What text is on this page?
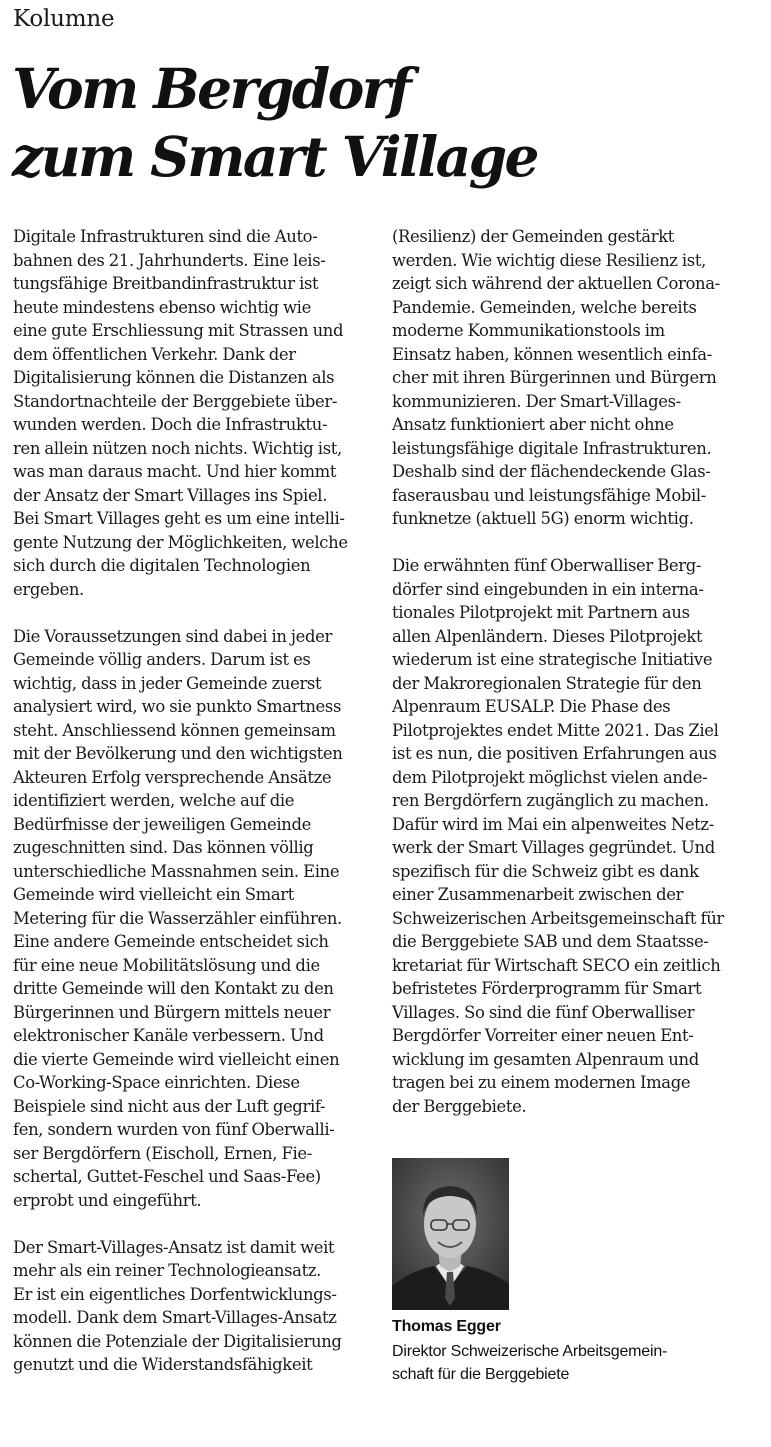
Kolumne
Vom Bergdorf
zum Smart Village
Digitale Infrastrukturen sind die Auto-
bahnen des 21. Jahrhunderts. Eine leis-
tungsfähige Breitbandinfrastruktur ist
heute mindestens ebenso wichtig wie
eine gute Erschliessung mit Strassen und
dem öffentlichen Verkehr. Dank der
Digitalisierung können die Distanzen als
Standortnachteile der Berggebiete über-
wunden werden. Doch die Infrastruktu-
ren allein nützen noch nichts. Wichtig ist,
was man daraus macht. Und hier kommt
der Ansatz der Smart Villages ins Spiel.
Bei Smart Villages geht es um eine intelli-
gente Nutzung der Möglichkeiten, welche
sich durch die digitalen Technologien
ergeben.
Die Voraussetzungen sind dabei in jeder
Gemeinde völlig anders. Darum ist es
wichtig, dass in jeder Gemeinde zuerst
analysiert wird, wo sie punkto Smartness
steht. Anschliessend können gemeinsam
mit der Bevölkerung und den wichtigsten
Akteuren Erfolg versprechende Ansätze
identifiziert werden, welche auf die
Bedürfnisse der jeweiligen Gemeinde
zugeschnitten sind. Das können völlig
unterschiedliche Massnahmen sein. Eine
Gemeinde wird vielleicht ein Smart
Metering für die Wasserzähler einführen.
Eine andere Gemeinde entscheidet sich
für eine neue Mobilitätslösung und die
dritte Gemeinde will den Kontakt zu den
Bürgerinnen und Bürgern mittels neuer
elektronischer Kanäle verbessern. Und
die vierte Gemeinde wird vielleicht einen
Co-Working-Space einrichten. Diese
Beispiele sind nicht aus der Luft gegrif-
fen, sondern wurden von fünf Oberwalli-
ser Bergdörfern (Eischoll, Ernen, Fie-
schertal, Guttet-Feschel und Saas-Fee)
erprobt und eingeführt.
Der Smart-Villages-Ansatz ist damit weit
mehr als ein reiner Technologieansatz.
Er ist ein eigentliches Dorfentwicklungs-
modell. Dank dem Smart-Villages-Ansatz
können die Potenziale der Digitalisierung
genutzt und die Widerstandsfähigkeit
(Resilienz) der Gemeinden gestärkt
werden. Wie wichtig diese Resilienz ist,
zeigt sich während der aktuellen Corona-
Pandemie. Gemeinden, welche bereits
moderne Kommunikationstools im
Einsatz haben, können wesentlich einfa-
cher mit ihren Bürgerinnen und Bürgern
kommunizieren. Der Smart-Villages-
Ansatz funktioniert aber nicht ohne
leistungsfähige digitale Infrastrukturen.
Deshalb sind der flächendeckende Glas-
faserausbau und leistungsfähige Mobil-
funknetze (aktuell 5G) enorm wichtig.
Die erwähnten fünf Oberwalliser Berg-
dörfer sind eingebunden in ein interna-
tionales Pilotprojekt mit Partnern aus
allen Alpenländern. Dieses Pilotprojekt
wiederum ist eine strategische Initiative
der Makroregionalen Strategie für den
Alpenraum EUSALP. Die Phase des
Pilotprojektes endet Mitte 2021. Das Ziel
ist es nun, die positiven Erfahrungen aus
dem Pilotprojekt möglichst vielen ande-
ren Bergdörfern zugänglich zu machen.
Dafür wird im Mai ein alpenweites Netz-
werk der Smart Villages gegründet. Und
spezifisch für die Schweiz gibt es dank
einer Zusammenarbeit zwischen der
Schweizerischen Arbeitsgemeinschaft für
die Berggebiete SAB und dem Staatsse-
kretariat für Wirtschaft SECO ein zeitlich
befristetes Förderprogramm für Smart
Villages. So sind die fünf Oberwalliser
Bergdörfer Vorreiter einer neuen Ent-
wicklung im gesamten Alpenraum und
tragen bei zu einem modernen Image
der Berggebiete.
Thomas Egger
Direktor Schweizerische Arbeitsgemein-
schaft für die Berggebiete
